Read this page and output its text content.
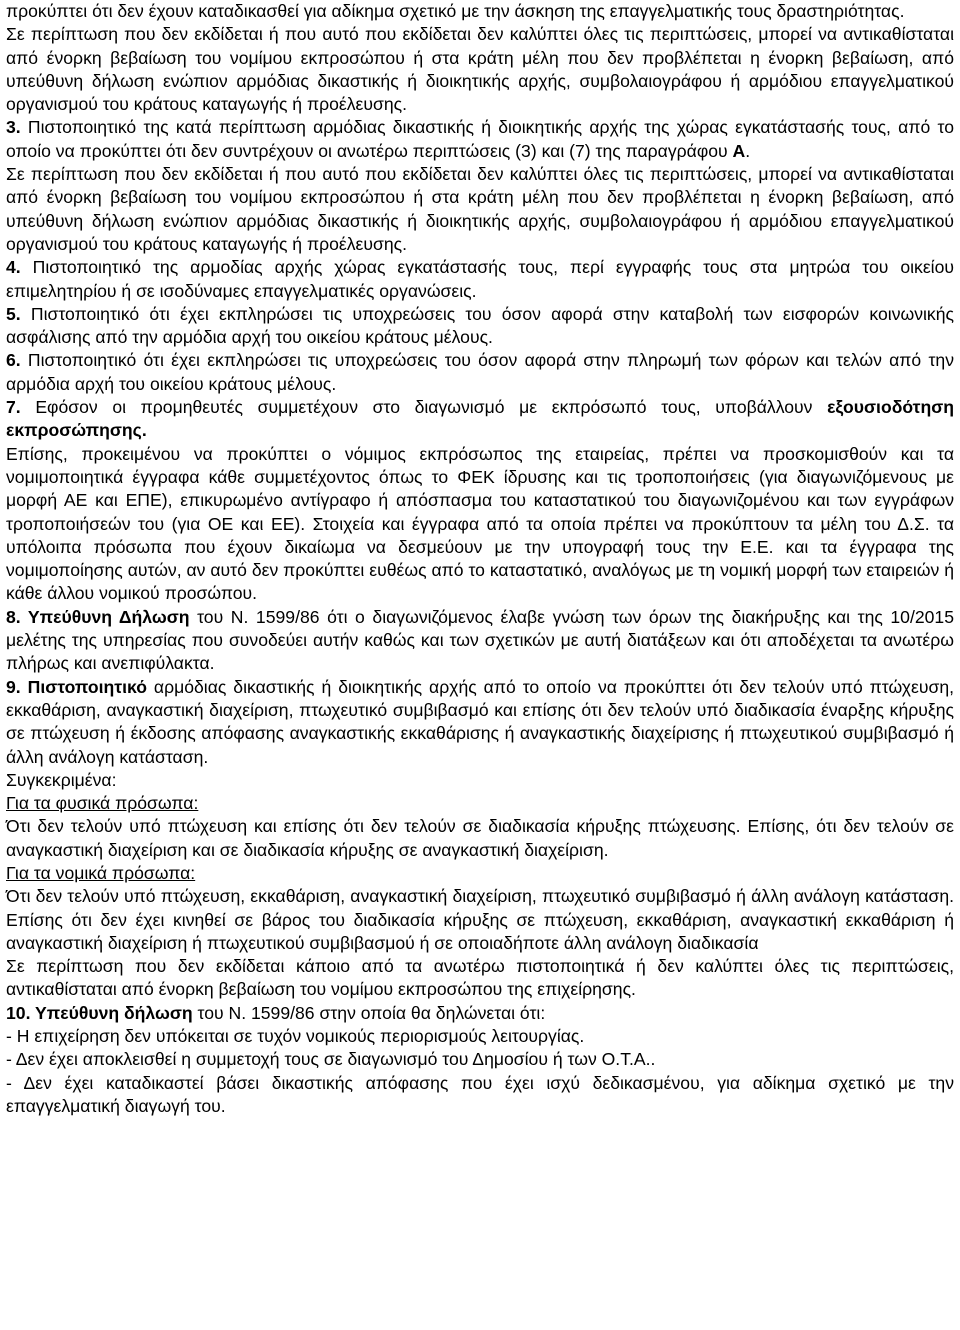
προκύπτει ότι δεν έχουν καταδικασθεί για αδίκημα σχετικό με την άσκηση της επαγγελματικής τους δραστηριότητας.
Σε περίπτωση που δεν εκδίδεται ή που αυτό που εκδίδεται δεν καλύπτει όλες τις περιπτώσεις, μπορεί να αντικαθίσταται από ένορκη βεβαίωση του νομίμου εκπροσώπου ή στα κράτη μέλη που δεν προβλέπεται η ένορκη βεβαίωση, από υπεύθυνη δήλωση ενώπιον αρμόδιας δικαστικής ή διοικητικής αρχής, συμβολαιογράφου ή αρμόδιου επαγγελματικού οργανισμού του κράτους καταγωγής ή προέλευσης.
3. Πιστοποιητικό της κατά περίπτωση αρμόδιας δικαστικής ή διοικητικής αρχής της χώρας εγκατάστασής τους, από το οποίο να προκύπτει ότι δεν συντρέχουν οι ανωτέρω περιπτώσεις (3) και (7) της παραγράφου Α.
Σε περίπτωση που δεν εκδίδεται ή που αυτό που εκδίδεται δεν καλύπτει όλες τις περιπτώσεις, μπορεί να αντικαθίσταται από ένορκη βεβαίωση του νομίμου εκπροσώπου ή στα κράτη μέλη που δεν προβλέπεται η ένορκη βεβαίωση, από υπεύθυνη δήλωση ενώπιον αρμόδιας δικαστικής ή διοικητικής αρχής, συμβολαιογράφου ή αρμόδιου επαγγελματικού οργανισμού του κράτους καταγωγής ή προέλευσης.
4. Πιστοποιητικό της αρμοδίας αρχής χώρας εγκατάστασής τους, περί εγγραφής τους στα μητρώα του οικείου επιμελητηρίου ή σε ισοδύναμες επαγγελματικές οργανώσεις.
5. Πιστοποιητικό ότι έχει εκπληρώσει τις υποχρεώσεις του όσον αφορά στην καταβολή των εισφορών κοινωνικής ασφάλισης από την αρμόδια αρχή του οικείου κράτους μέλους.
6. Πιστοποιητικό ότι έχει εκπληρώσει τις υποχρεώσεις του όσον αφορά στην πληρωμή των φόρων και τελών από την αρμόδια αρχή του οικείου κράτους μέλους.
7. Εφόσον οι προμηθευτές συμμετέχουν στο διαγωνισμό με εκπρόσωπό τους, υποβάλλουν εξουσιοδότηση εκπροσώπησης.
Επίσης, προκειμένου να προκύπτει ο νόμιμος εκπρόσωπος της εταιρείας, πρέπει να προσκομισθούν και τα νομιμοποιητικά έγγραφα κάθε συμμετέχοντος όπως το ΦΕΚ ίδρυσης και τις τροποποιήσεις (για διαγωνιζόμενους με μορφή ΑΕ και ΕΠΕ), επικυρωμένο αντίγραφο ή απόσπασμα του καταστατικού του διαγωνιζομένου και των εγγράφων τροποποιήσεών του (για ΟΕ και ΕΕ). Στοιχεία και έγγραφα από τα οποία πρέπει να προκύπτουν τα μέλη του Δ.Σ. τα υπόλοιπα πρόσωπα που έχουν δικαίωμα να δεσμεύουν με την υπογραφή τους την Ε.Ε. και τα έγγραφα της νομιμοποίησης αυτών, αν αυτό δεν προκύπτει ευθέως από το καταστατικό, αναλόγως με τη νομική μορφή των εταιρειών ή κάθε άλλου νομικού προσώπου.
8. Υπεύθυνη Δήλωση του Ν. 1599/86 ότι ο διαγωνιζόμενος έλαβε γνώση των όρων της διακήρυξης και της 10/2015 μελέτης της υπηρεσίας που συνοδεύει αυτήν καθώς και των σχετικών με αυτή διατάξεων και ότι αποδέχεται τα ανωτέρω πλήρως και ανεπιφύλακτα.
9. Πιστοποιητικό αρμόδιας δικαστικής ή διοικητικής αρχής από το οποίο να προκύπτει ότι δεν τελούν υπό πτώχευση, εκκαθάριση, αναγκαστική διαχείριση, πτωχευτικό συμβιβασμό και επίσης ότι δεν τελούν υπό διαδικασία έναρξης κήρυξης σε πτώχευση ή έκδοσης απόφασης αναγκαστικής εκκαθάρισης ή αναγκαστικής διαχείρισης ή πτωχευτικού συμβιβασμό ή άλλη ανάλογη κατάσταση.
Συγκεκριμένα:
Για τα φυσικά πρόσωπα:
Ότι δεν τελούν υπό πτώχευση και επίσης ότι δεν τελούν σε διαδικασία κήρυξης πτώχευσης. Επίσης, ότι δεν τελούν σε αναγκαστική διαχείριση και σε διαδικασία κήρυξης σε αναγκαστική διαχείριση.
Για τα νομικά πρόσωπα:
Ότι δεν τελούν υπό πτώχευση, εκκαθάριση, αναγκαστική διαχείριση, πτωχευτικό συμβιβασμό ή άλλη ανάλογη κατάσταση. Επίσης ότι δεν έχει κινηθεί σε βάρος του διαδικασία κήρυξης σε πτώχευση, εκκαθάριση, αναγκαστική εκκαθάριση ή αναγκαστική διαχείριση ή πτωχευτικού συμβιβασμού ή σε οποιαδήποτε άλλη ανάλογη διαδικασία
Σε περίπτωση που δεν εκδίδεται κάποιο από τα ανωτέρω πιστοποιητικά ή δεν καλύπτει όλες τις περιπτώσεις, αντικαθίσταται από ένορκη βεβαίωση του νομίμου εκπροσώπου της επιχείρησης.
10. Υπεύθυνη δήλωση του Ν. 1599/86 στην οποία θα δηλώνεται ότι:
- Η επιχείρηση δεν υπόκειται σε τυχόν νομικούς περιορισμούς λειτουργίας.
- Δεν έχει αποκλεισθεί η συμμετοχή τους σε διαγωνισμό του Δημοσίου ή των Ο.Τ.Α..
- Δεν έχει καταδικαστεί βάσει δικαστικής απόφασης που έχει ισχύ δεδικασμένου, για αδίκημα σχετικό με την επαγγελματική διαγωγή του.
